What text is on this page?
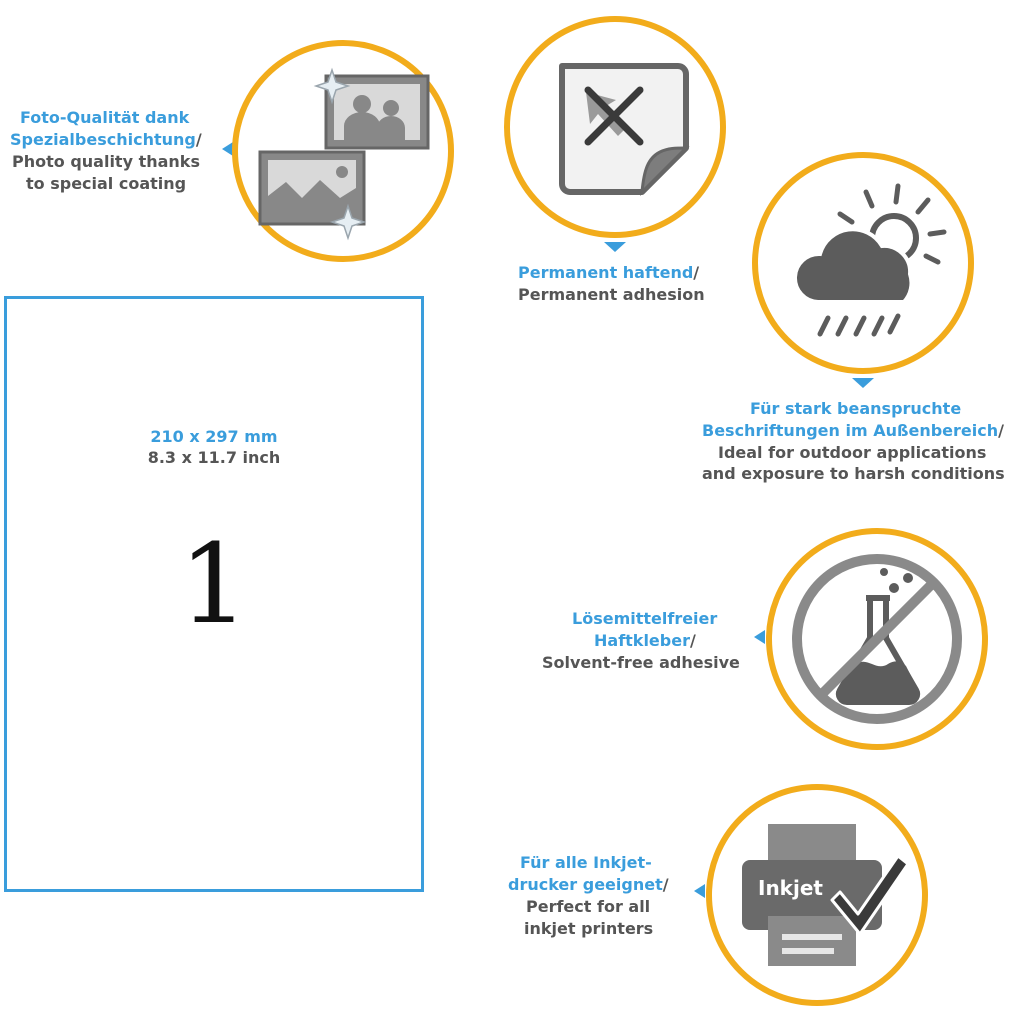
Foto-Qualität dank
Spezialbeschichtung/
Photo quality thanks
to special coating
Permanent haftend/
Permanent adhesion
Für stark beanspruchte
Beschriftungen im Außenbereich/
Ideal for outdoor applications
and exposure to harsh conditions
210 x 297 mm
8.3 x 11.7 inch
1	Lösemittelfreier
Haftkleber/
Solvent-free adhesive
Für alle Inkjet-
drucker geeignet/
Perfect for all
inkjet printers
Inkjet
